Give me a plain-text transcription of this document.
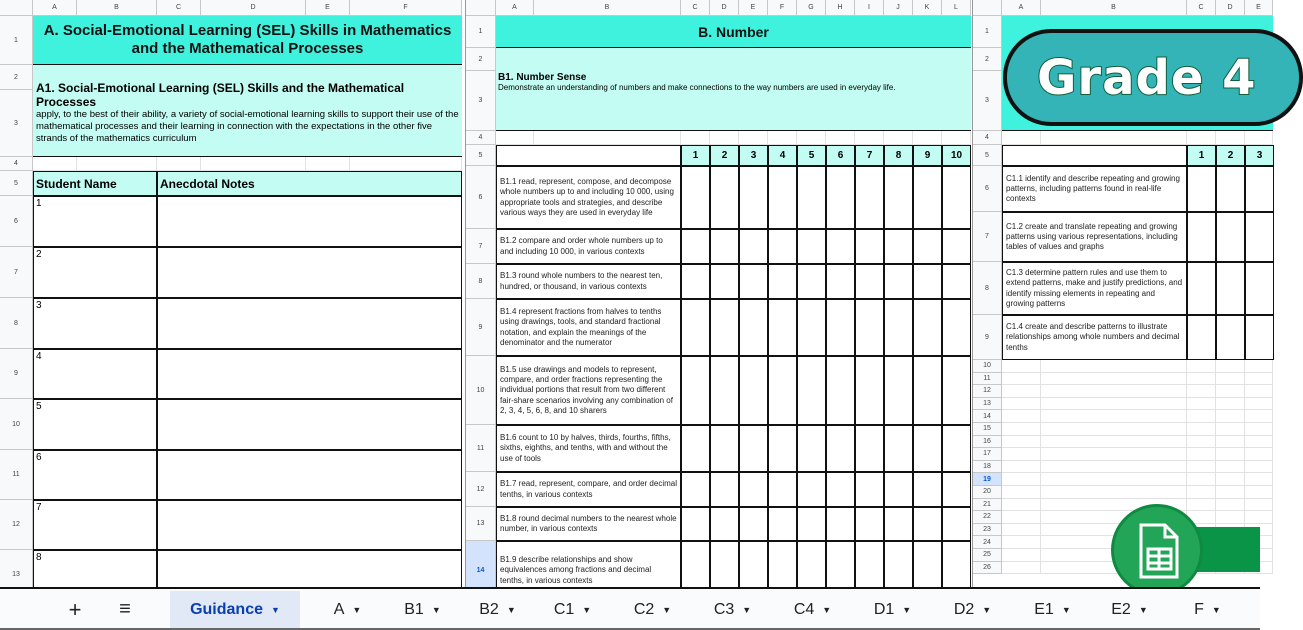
A	B	C	D	E	F
1
2
3
4
5
6
7
8
9
10
11
12
13
A. Social-Emotional Learning (SEL) Skills in Mathematics and the Mathematical Processes
A1. Social-Emotional Learning (SEL) Skills and the Mathematical Processes
apply, to the best of their ability, a variety of social-emotional learning skills to support their use of the mathematical processes and their learning in connection with the expectations in the other five strands of the mathematics curriculum
Student Name	Anecdotal Notes
1
2
3
4
5
6
7
8
A	B	C	D	E	F	G	H	I	J	K	L
1
2
3
4
5
6
7
8
9
10
11
12
13
14
B. Number
B1. Number Sense
Demonstrate an understanding of numbers and make connections to the way numbers are used in everyday life.
1	2	3	4	5	6	7	8	9	10
B1.1 read, represent, compose, and decompose whole numbers up to and including 10 000, using appropriate tools and strategies, and describe various ways they are used in everyday life
B1.2 compare and order whole numbers up to and including 10 000, in various contexts
B1.3 round whole numbers to the nearest ten, hundred, or thousand, in various contexts
B1.4 represent fractions from halves to tenths using drawings, tools, and standard fractional notation, and explain the meanings of the denominator and the numerator
B1.5 use drawings and models to represent, compare, and order fractions representing the individual portions that result from two different fair-share scenarios involving any combination of 2, 3, 4, 5, 6, 8, and 10 sharers
B1.6 count to 10 by halves, thirds, fourths, fifths, sixths, eighths, and tenths, with and without the use of tools
B1.7 read, represent, compare, and order decimal tenths, in various contexts
B1.8 round decimal numbers to the nearest whole number, in various contexts
B1.9 describe relationships and show equivalences among fractions and decimal tenths, in various contexts
A	B	C	D	E
1
2
3
4
5
6
7
8
9
10
11
12
13
14
15
16
17
18
19
20
21
22
23
24
25
26
1	2	3
C1.1 identify and describe repeating and growing patterns, including patterns found in real-life contexts
C1.2 create and translate repeating and growing patterns using various representations, including tables of values and graphs
C1.3 determine pattern rules and use them to extend patterns, make and justify predictions, and identify missing elements in repeating and growing patterns
C1.4 create and describe patterns to illustrate relationships among whole numbers and decimal tenths
Grade 4
+ ≡	Guidance ▼	A ▼	B1 ▼ B2 ▼ C1 ▼	C2 ▼	C3 ▼	C4 ▼	D1 ▼	D2 ▼	E1 ▼	E2 ▼	F ▼
